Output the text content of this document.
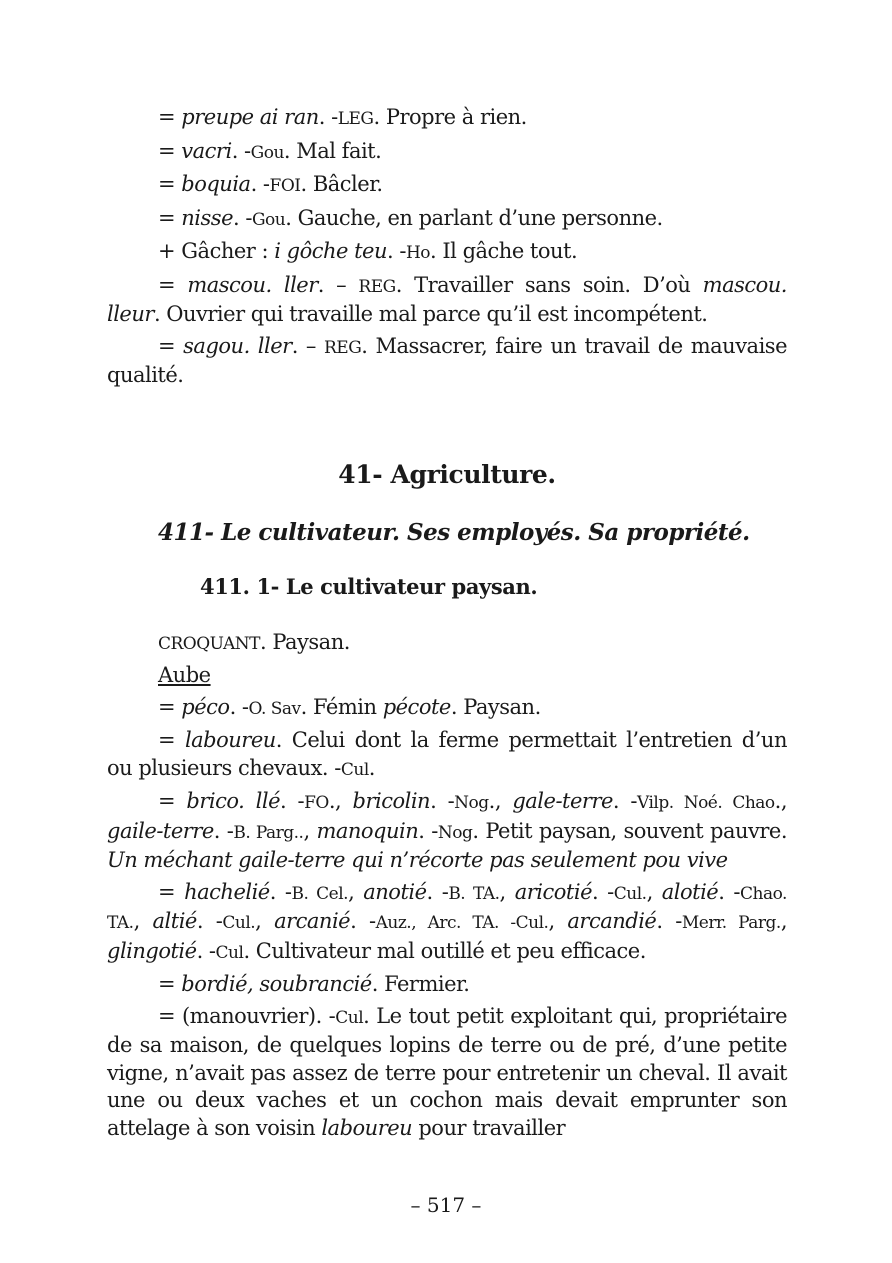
= preupe ai ran. -LEG. Propre à rien.

= vacri. -Gou. Mal fait.

= boquia. -FOI. Bâcler.

= nisse. -Gou. Gauche, en parlant d’une personne.

+ Gâcher : i gôche teu. -Ho. Il gâche tout.

= mascou. ller. – REG. Travailler sans soin. D’où mascou. lleur. Ouvrier qui travaille mal parce qu’il est incompétent.

= sagou. ller. – REG. Massacrer, faire un travail de mauvaise qualité.

41- Agriculture.
411- Le cultivateur. Ses employés. Sa propriété.
411. 1- Le cultivateur paysan.

CROQUANT. Paysan.

Aube

= péco. -O. Sav. Fémin pécote. Paysan.

= laboureu. Celui dont la ferme permettait l’entretien d’un ou plusieurs chevaux. -Cul.

= brico. llé. -FO., bricolin. -Nog., gale-terre. -Vilp. Noé. Chao., gaile-terre. -B. Parg.., manoquin. -Nog. Petit paysan, souvent pauvre. Un méchant gaile-terre qui n’récorte pas seulement pou vive

= hachelié. -B. Cel., anotié. -B. TA., aricotié. -Cul., alotié. -Chao. TA., altié. -Cul., arcanié. -Auz., Arc. TA. -Cul., arcandié. -Merr. Parg., glingotié. -Cul. Cultivateur mal outillé et peu efficace.

= bordié, soubrancié. Fermier.

= (manouvrier). -Cul. Le tout petit exploitant qui, propriétaire de sa maison, de quelques lopins de terre ou de pré, d’une petite vigne, n’avait pas assez de terre pour entretenir un cheval. Il avait une ou deux vaches et un cochon mais devait emprunter son attelage à son voisin laboureu pour travailler

– 517 –
